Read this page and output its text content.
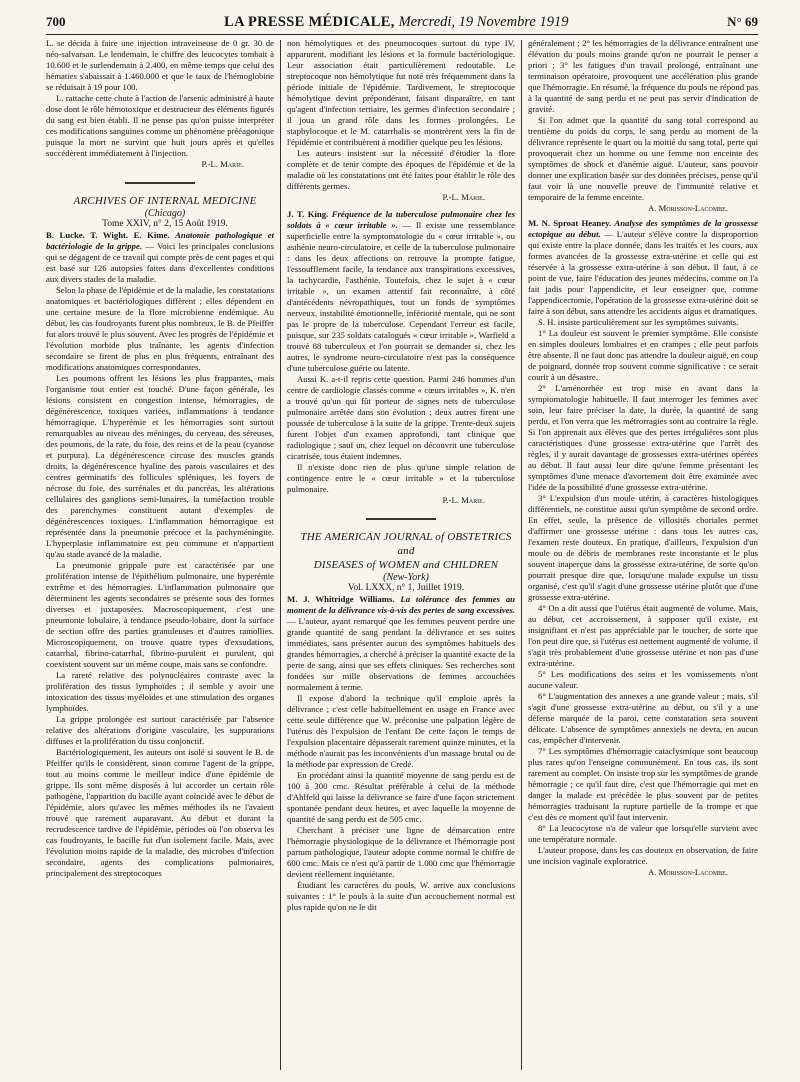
700	LA PRESSE MÉDICALE, Mercredi, 19 Novembre 1919	N° 69

L. se décida à faire une injection intraveineuse de 0 gr. 30 de néo-salvarsan. Le lendemain, le chiffre des leucocytes tombait à 10.600 et le surlendemain à 2.400, en même temps que celui des hématies s'abaissait à 1.460.000 et que le taux de l'hémoglobine se réduisait à 19 pour 100.

L. rattache cette chute à l'action de l'arsenic administré à haute dose dont le rôle hémotoxique et destructeur des éléments figurés du sang est bien établi. Il ne pense pas qu'on puisse interpréter ces modifications sanguines comme un phénomène prééagonique puisque la mort ne survint que huit jours après et qu'elles succédèrent immédiatement à l'injection.

P.-L. Marie.

ARCHIVES OF INTERNAL MEDICINE

(Chicago)

Tome XXIV, n° 2, 15 Août 1919.

B. Lucke. T. Wight. E. Kime. Anatomie pathologique et bactériologie de la grippe. — Voici les principales conclusions qui se dégagent de ce travail qui compte près de cent pages et qui est basé sur 126 autopsies faites dans d'excellentes conditions aux divers stades de la maladie.

Selon la phase de l'épidémie et de la maladie, les constatations anatomiques et bactériologiques diffèrent ; elles dépendent en une certaine mesure de la flore microbienne endémique. Au début, les cas foudroyants furent plus nombreux, le B. de Pfeiffer fut alors trouvé le plus souvent. Avec les progrès de l'épidémie et l'évolution morbide plus traînante, les agents d'infection secondaire se firent de plus en plus fréquents, entraînant des modifications anatomiques correspondantes.

Les poumons offrent les lésions les plus frappantes, mais l'organisme tout entier est touché. D'une façon générale, les lésions consistent en congestion intense, hémorragies, de dégénérescence, toxiques variées, inflammations à tendance hémorragique. L'hyperémie et les hémorragies sont surtout remarquables au niveau des méninges, du cerveau, des séreuses, des poumons, de la rate, du foie, des reins et de la peau (cyanose et purpura). La dégénérescence circuse des muscles grands droits, la dégénérescence hyaline des parois vasculaires et des centres germinatifs des follicules spléniques, les foyers de nécrose du foie, des surrénales et du pancréas, les altérations cellulaires des ganglions semi-lunaires, la tuméfaction trouble des parenchymes constituent autant d'exemples de dégénérescences toxiques. L'inflammation hémorragique est représentée dans la pneumonie précoce et la pachyméningite. L'hyperplasie inflammatoire est peu commune et n'appartient qu'au stade avancé de la maladie.

La pneumonie grippale pure est caractérisée par une prolifération intense de l'épithélium pulmonaire, une hyperémie extrême et des hémorragies. L'inflammation pulmonaire que déterminent les agents secondaires se présente sous des formes diverses et juxtaposées. Macroscopiquement, c'est une pneumonie lobulaire, à tendance pseudo-lobaire, dont la surface de section offre des parties granuleuses et d'autres ramollies. Microscopiquement, on trouve quatre types d'exsudations, catarrhal, fibrino-catarrhal, fibrino-purulent et purulent, qui coexistent souvent sur un même coupe, mais sans se confondre.

La rareté relative des polynucléaires contraste avec la prolifération des tissus lymphoïdes ; il semble y avoir une intoxication des tissus myéloïdes et une stimulation des organes lymphoïdes.

La grippe prolongée est surtout caractérisée par l'absence relative des altérations d'origine vasculaire, les suppurations diffuses et la prolifération du tissu conjonctif.

Bactériologiquement, les auteurs ont isolé si souvent le B. de Pfeiffer qu'ils le considèrent, sinon comme l'agent de la grippe, tout au moins comme le meilleur indice d'une épidémie de grippe. Ils sont même disposés à lui accorder un certain rôle pathogène, l'apparition du bacille ayant coïncidé avec le début de l'épidémie, alors qu'avec les mêmes méthodes ils ne l'avaient trouvé que rarement auparavant. Au début et durant la recrudescence tardive de l'épidémie, périodes où l'on observa les cas foudroyants, le bacille fut d'un isolement facile. Mais, avec l'évolution moins rapide de la maladie, des microbes d'infection secondaire, agents des complications pulmonaires, principalement des streptocoques

non hémolytiques et des pneumocoques surtout du type IV, apparurent, modifiant les lésions et la formule bactériologique. Leur association était particulièrement redoutable. Le streptocoque non hémolytique fut noté très fréquemment dans la période initiale de l'épidémie. Tardivement, le streptocoque hémolytique devint prépondérant, faisant disparaître, en tant qu'agent d'infection tertiaire, les germes d'infection secondaire ; il joua un grand rôle dans les formes prolongées. Le staphylocoque et le M. catarrhalis se montrèrent vers la fin de l'épidémie et contribuèrent à modifier quelque peu les lésions.

Les auteurs insistent sur la nécessité d'étudier la flore complète et de tenir compte des époques de l'épidémie et de la maladie où les constatations ont été faites pour établir le rôle des différents germes.

P.-L. Marie.

J. T. King. Fréquence de la tuberculose pulmonaire chez les soldats à « cœur irritable ». — Il existe une ressemblance superficielle entre la symptomatologie du « cœur irritable », ou asthénie neuro-circulatoire, et celle de la tuberculose pulmonaire : dans les deux affections on retrouve la prompte fatigue, l'essoufflement facile, la tendance aux transpirations excessives, la tachycardie, l'asthénie. Toutefois, chez le sujet à « cœur irritable », un examen attentif fait reconnaître, à côté d'antécédents névropathiques, tout un fonds de symptômes nerveux, instabilité émotionnelle, infériorité mentale, qui ne sont pas le propre de la tuberculose. Cependant l'erreur est facile, puisque, sur 235 soldats catalogués « cœur irritable », Warfield a trouvé 88 tuberculeux et l'on pourrait se demander si, chez les autres, le syndrome neuro-circulatoire n'est pas la conséquence d'une tuberculose guérie ou latente.

Aussi K. a-t-il repris cette question. Parmi 246 hommes d'un centre de cardiologie classés comme « cœurs irritables », K. n'en a trouvé qu'un qui fût porteur de signes nets de tuberculose pulmonaire arrêtée dans son évolution ; deux autres firent une poussée de tuberculose à la suite de la grippe. Trente-deux sujets furent l'objet d'un examen approfondi, tant clinique que radiologique ; sauf un, chez lequel on découvrit une tuberculose cicatrisée, tous étaient indemnes.

Il n'existe donc rien de plus qu'une simple relation de contingence entre le « cœur irritable » et la tuberculose pulmonaire.

P.-L. Marie.

THE AMERICAN JOURNAL of OBSTETRICS

and

DISEASES of WOMEN and CHILDREN

(New-York)

Vol. LXXX, n° 1, Juillet 1919.

M. J. Whitridge Williams. La tolérance des femmes au moment de la délivrance vis-à-vis des pertes de sang excessives. — L'auteur, ayant remarqué que les femmes peuvent perdre une grande quantité de sang pendant la délivrance et ses suites immédiates, sans présenter aucun des symptômes habituels des grandes hémorragies, a cherché à préciser la quantité exacte de la perte de sang, ainsi que ses effets cliniques. Ses recherches sont fondées sur mille observations de femmes accouchées normalement à terme.

Il expose d'abord la technique qu'il emploie après la délivrance ; c'est celle habituellement en usage en France avec cette seule différence que W. préconise une palpation légère de l'utérus dès l'expulsion de l'enfant De cette façon le temps de l'expulsion placentaire dépasserait rarement quinze minutes, et la méthode n'aurait pas les inconvénients d'un massage brutal ou de la méthode par expression de Credé.

En procédant ainsi la quantité moyenne de sang perdu est de 100 à 300 cmc. Résultat préférable à celui de la méthode d'Ahlfeld qui laisse la délivrance se faire d'une façon strictement spontanée pendant deux heures, et avec laquelle la moyenne de quantité de sang perdu est de 505 cmc.

Cherchant à préciser une ligne de démarcation entre l'hémorragie physiologique de la délivrance et l'hémorragie post partum pathologique, l'auteur adopte comme normal le chiffre de 600 cmc. Mais ce n'est qu'à partir de 1.000 cmc que l'hémorragie devient réellement inquiétante.

Étudiant les caractères du pouls, W. arrive aux conclusions suivantes : 1° le pouls à la suite d'un accouchement normal est plus rapide qu'on ne le dit

généralement ; 2° les hémorragies de la délivrance entraînent une élévation du pouls moins grande qu'on ne pourrait le penser a priori ; 3° les fatigues d'un travail prolongé, entraînant une terminaison opératoire, provoquent une accélération plus grande que l'hémorragie. En résumé, la fréquence du pouls ne répond pas à la quantité de sang perdu et ne peut pas servir d'indication de gravité.

Si l'on admet que la quantité du sang total correspond au trentième du poids du corps, le sang perdu au moment de la délivrance représente le quart ou la moitié du sang total, perte qui provoquerait chez un homme ou une femme non enceinte des symptômes de shock et d'anémie aiguë. L'auteur, sans pouvoir donner une explication basée sur des données précises, pense qu'il faut voir là une nouvelle preuve de l'immunité relative et temporaire de la femme enceinte.

A. Morisson-Lacombe.

M. N. Sproat Heaney. Analyse des symptômes de la grossesse ectopique au début. — L'auteur s'élève contre la disproportion qui existe entre la place donnée, dans les traités et les cours, aux formes avancées de la grossesse extra-utérine et celle qui est réservée à la grossesse extra-utérine à son début. Il faut, à ce point de vue, faire l'éducation des jeunes médecins, comme on l'a fait jadis pour l'appendicite, et leur enseigner que, comme l'appendicectomie, l'opération de la grossesse extra-utérine doit se faire à son début, sans attendre les accidents aigus et dramatiques.

S. H. insiste particulièrement sur les symptômes suivants.

1° La douleur est souvent le premier symptôme. Elle consiste en simples douleurs lombaires et en crampes ; elle peut parfois être absente. Il ne faut donc pas attendre la douleur aiguë, en coup de poignard, donnée trop souvent comme significative : ce serait courir à un désastre.

2° L'aménorrhée est trop mise en avant dans la symptomatologie habituelle. Il faut interroger les femmes avec soin, leur faire préciser la date, la durée, la quantité de sang perdu, et l'on verra que les métrorragies sont au contraire la règle. Si l'on apprenait aux élèves que des pertes irrégulières sont plus caractéristiques d'une grossesse extra-utérine que l'arrêt des règles, il y aurait davantage de grossesses extra-utérines opérées au début. Il faut aussi leur dire qu'une femme présentant les symptômes d'une menace d'avortement doit être examinée avec l'idée de la possibilité d'une grossesse extra-utérine.

3° L'expulsion d'un moule utérin, à caractères histologiques différentiels, ne constitue aussi qu'un symptôme de second ordre. En effet, seule, la présence de villosités choriales permet d'affirmer une grossesse utérine : dans tous les autres cas, l'examen reste douteux. En pratique, d'ailleurs, l'expulsion d'un moule ou de débris de membranes reste inconstante et le plus souvent inaperçue dans la grossesse extra-utérine, de sorte qu'on pourrait presque dire que, lorsqu'une malade expulse un tissu organisé, c'est qu'il s'agit d'une grossesse utérine plutôt que d'une grossesse extra-utérine.

4° On a dit aussi que l'utérus était augmenté de volume. Mais, au début, cet accroissement, à supposer qu'il existe, est insignifiant et n'est pas appréciable par le toucher, de sorte que l'on peut dire que, si l'utérus est nettement augmenté de volume, il s'agit très probablement d'une grossesse utérine et non pas d'une extra-utérine.

5° Les modifications des seins et les vomissements n'ont aucune valeur.

6° L'augmentation des annexes a une grande valeur ; mais, s'il s'agit d'une grossesse extra-utérine au début, ou s'il y a une défense marquée de la paroi, cette constatation sera souvent délicate. L'absence de symptômes annexiels ne devra, en aucun cas, empêcher d'intervenir.

7° Les symptômes d'hémorragie cataclysmique sont beaucoup plus rares qu'on l'enseigne communément. En tous cas, ils sont rarement au complet. On insiste trop sur les symptômes de grande hémorragie ; ce qu'il faut dire, c'est que l'hémorragie qui met en danger la malade est précédée le plus souvent par de petites hémorragies traduisant la rupture partielle de la trompe et que c'est dès ce moment qu'il faut intervenir.

8° La leucocytose n'a de valeur que lorsqu'elle survient avec une température normale.

L'auteur propose, dans les cas douteux en observation, de faire une incision vaginale exploratrice.

A. Morisson-Lacombe.
